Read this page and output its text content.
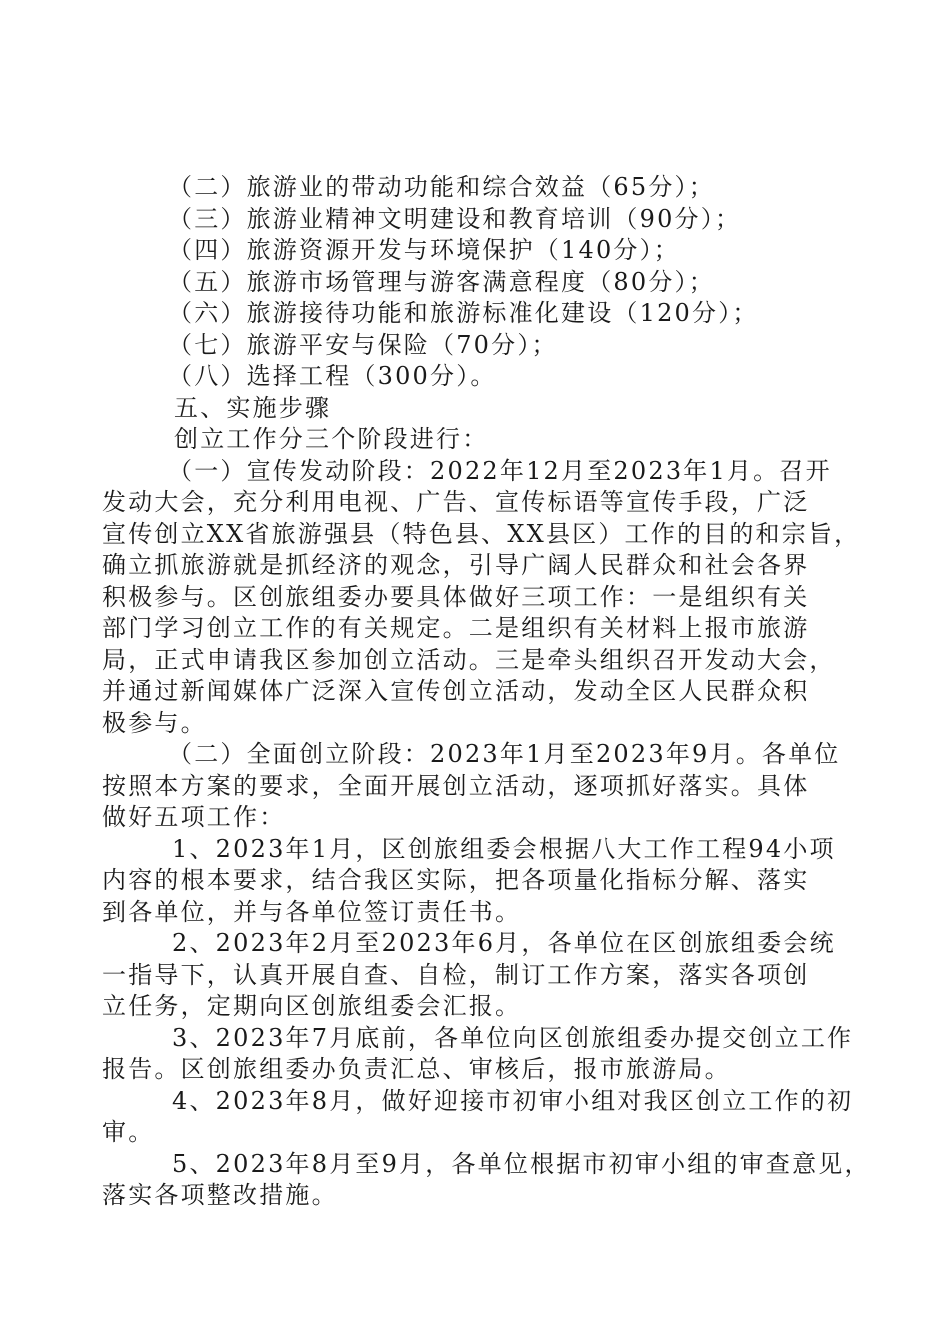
（二）旅游业的带动功能和综合效益（65分）；
（三）旅游业精神文明建设和教育培训（90分）；
（四）旅游资源开发与环境保护（140分）；
（五）旅游市场管理与游客满意程度（80分）；
（六）旅游接待功能和旅游标准化建设（120分）；
（七）旅游平安与保险（70分）；
（八）选择工程（300分）。
五、实施步骤
创立工作分三个阶段进行：
（一）宣传发动阶段：2022年12月至2023年1月。召开
发动大会，充分利用电视、广告、宣传标语等宣传手段，广泛
宣传创立XX省旅游强县（特色县、XX县区）工作的目的和宗旨，
确立抓旅游就是抓经济的观念，引导广阔人民群众和社会各界
积极参与。区创旅组委办要具体做好三项工作：一是组织有关
部门学习创立工作的有关规定。二是组织有关材料上报市旅游
局，正式申请我区参加创立活动。三是牵头组织召开发动大会，
并通过新闻媒体广泛深入宣传创立活动，发动全区人民群众积
极参与。
（二）全面创立阶段：2023年1月至2023年9月。各单位
按照本方案的要求，全面开展创立活动，逐项抓好落实。具体
做好五项工作：
1、2023年1月，区创旅组委会根据八大工作工程94小项
内容的根本要求，结合我区实际，把各项量化指标分解、落实
到各单位，并与各单位签订责任书。
2、2023年2月至2023年6月，各单位在区创旅组委会统
一指导下，认真开展自查、自检，制订工作方案，落实各项创
立任务，定期向区创旅组委会汇报。
3、2023年7月底前，各单位向区创旅组委办提交创立工作
报告。区创旅组委办负责汇总、审核后，报市旅游局。
4、2023年8月，做好迎接市初审小组对我区创立工作的初
审。
5、2023年8月至9月，各单位根据市初审小组的审查意见，
落实各项整改措施。
